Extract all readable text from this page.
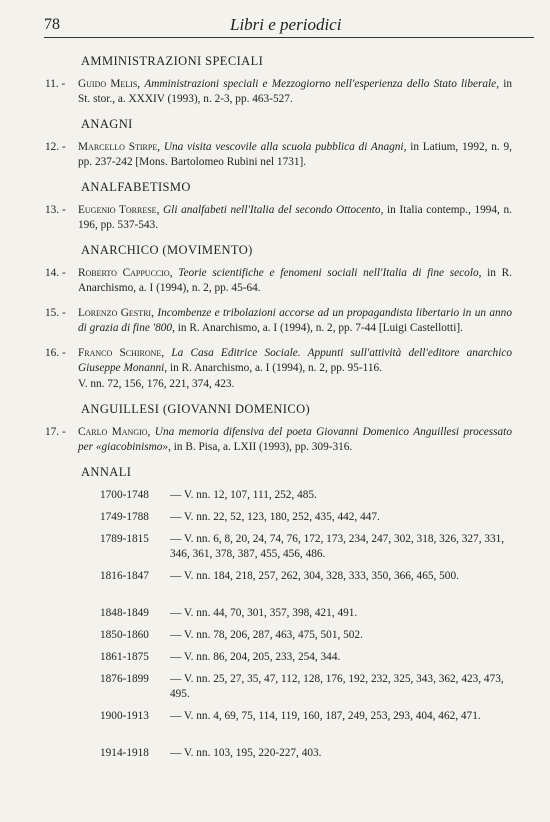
78	Libri e periodici
AMMINISTRAZIONI SPECIALI
11. - Guido Melis, Amministrazioni speciali e Mezzogiorno nell'esperienza dello Stato liberale, in St. stor., a. XXXIV (1993), n. 2-3, pp. 463-527.
ANAGNI
12. - Marcello Stirpe, Una visita vescovile alla scuola pubblica di Anagni, in Latium, 1992, n. 9, pp. 237-242 [Mons. Bartolomeo Rubini nel 1731].
ANALFABETISMO
13. - Eugenio Torrese, Gli analfabeti nell'Italia del secondo Ottocento, in Italia contemp., 1994, n. 196, pp. 537-543.
ANARCHICO (MOVIMENTO)
14. - Roberto Cappuccio, Teorie scientifiche e fenomeni sociali nell'Italia di fine secolo, in R. Anarchismo, a. I (1994), n. 2, pp. 45-64.
15. - Lorenzo Gestri, Incombenze e tribolazioni accorse ad un propagandista libertario in un anno di grazia di fine '800, in R. Anarchismo, a. I (1994), n. 2, pp. 7-44 [Luigi Castellotti].
16. - Franco Schirone, La Casa Editrice Sociale. Appunti sull'attività dell'editore anarchico Giuseppe Monanni, in R. Anarchismo, a. I (1994), n. 2, pp. 95-116.
V. nn. 72, 156, 176, 221, 374, 423.
ANGUILLESI (GIOVANNI DOMENICO)
17. - Carlo Mangio, Una memoria difensiva del poeta Giovanni Domenico Anguillesi processato per «giacobinismo», in B. Pisa, a. LXII (1993), pp. 309-316.
ANNALI
1700-1748 — V. nn. 12, 107, 111, 252, 485.
1749-1788 — V. nn. 22, 52, 123, 180, 252, 435, 442, 447.
1789-1815 — V. nn. 6, 8, 20, 24, 74, 76, 172, 173, 234, 247, 302, 318, 326, 327, 331, 346, 361, 378, 387, 455, 456, 486.
1816-1847 — V. nn. 184, 218, 257, 262, 304, 328, 333, 350, 366, 465, 500.
1848-1849 — V. nn. 44, 70, 301, 357, 398, 421, 491.
1850-1860 — V. nn. 78, 206, 287, 463, 475, 501, 502.
1861-1875 — V. nn. 86, 204, 205, 233, 254, 344.
1876-1899 — V. nn. 25, 27, 35, 47, 112, 128, 176, 192, 232, 325, 343, 362, 423, 473, 495.
1900-1913 — V. nn. 4, 69, 75, 114, 119, 160, 187, 249, 253, 293, 404, 462, 471.
1914-1918 — V. nn. 103, 195, 220-227, 403.
